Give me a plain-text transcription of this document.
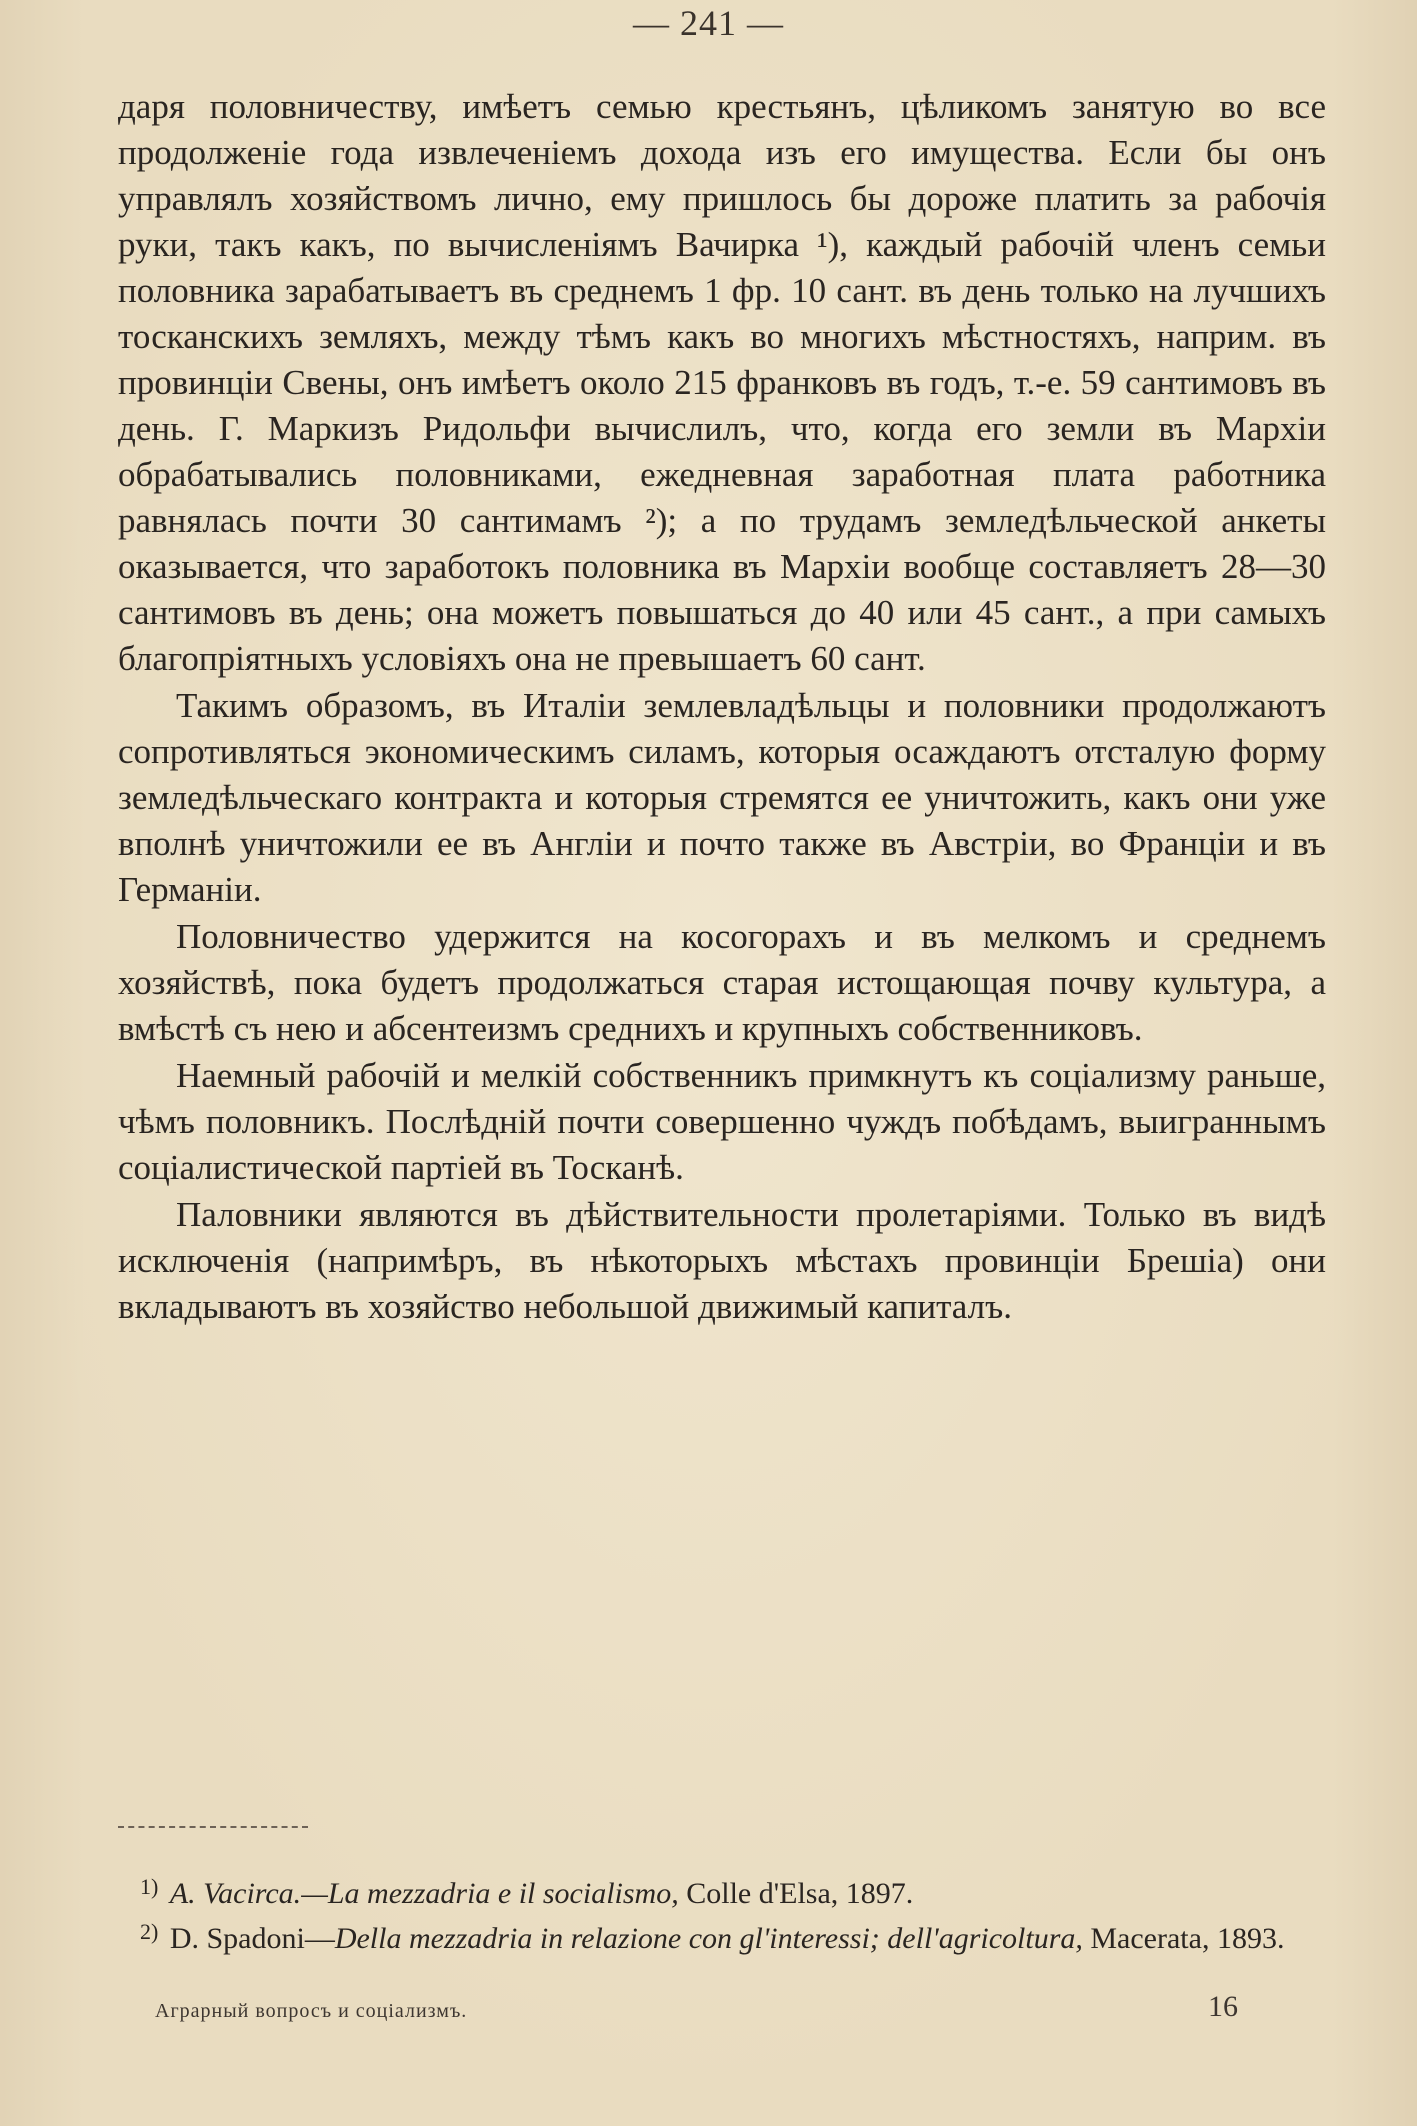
— 241 —

даря половничеству, имѣетъ семью крестьянъ, цѣликомъ занятую во все продолженіе года извлеченіемъ дохода изъ его имущества. Если бы онъ управлялъ хозяйствомъ лично, ему пришлось бы дороже платить за рабочія руки, такъ какъ, по вычисленіямъ Вачирка ¹), каждый рабочій членъ семьи половника зарабатываетъ въ среднемъ 1 фр. 10 сант. въ день только на лучшихъ тосканскихъ земляхъ, между тѣмъ какъ во многихъ мѣстностяхъ, наприм. въ провинціи Свены, онъ имѣетъ около 215 франковъ въ годъ, т.-е. 59 сантимовъ въ день. Г. Маркизъ Ридольфи вычислилъ, что, когда его земли въ Мархіи обрабатывались половниками, ежедневная заработная плата работника равнялась почти 30 сантимамъ ²); а по трудамъ земледѣльческой анкеты оказывается, что заработокъ половника въ Мархіи вообще составляетъ 28—30 сантимовъ въ день; она можетъ повышаться до 40 или 45 сант., а при самыхъ благопріятныхъ условіяхъ она не превышаетъ 60 сант.

Такимъ образомъ, въ Италіи землевладѣльцы и половники продолжаютъ сопротивляться экономическимъ силамъ, которыя осаждаютъ отсталую форму земледѣльческаго контракта и которыя стремятся ее уничтожить, какъ они уже вполнѣ уничтожили ее въ Англіи и почто также въ Австріи, во Франціи и въ Германіи.

Половничество удержится на косогорахъ и въ мелкомъ и среднемъ хозяйствѣ, пока будетъ продолжаться старая истощающая почву культура, а вмѣстѣ съ нею и абсентеизмъ среднихъ и крупныхъ собственниковъ.

Наемный рабочій и мелкій собственникъ примкнутъ къ соціализму раньше, чѣмъ половникъ. Послѣдній почти совершенно чуждъ побѣдамъ, выиграннымъ соціалистической партіей въ Тосканѣ.

Паловники являются въ дѣйствительности пролетаріями. Только въ видѣ исключенія (напримѣръ, въ нѣкоторыхъ мѣстахъ провинціи Брешіа) они вкладываютъ въ хозяйство небольшой движимый капиталъ.

$^{1)}$ A. Vacirca.—La mezzadria e il socialismo, Colle d'Elsa, 1897.

$^{2)}$ D. Spadoni—Della mezzadria in relazione con gl'interessi; dell'agricoltura, Macerata, 1893.

Аграрный вопросъ и соціализмъ.	16
